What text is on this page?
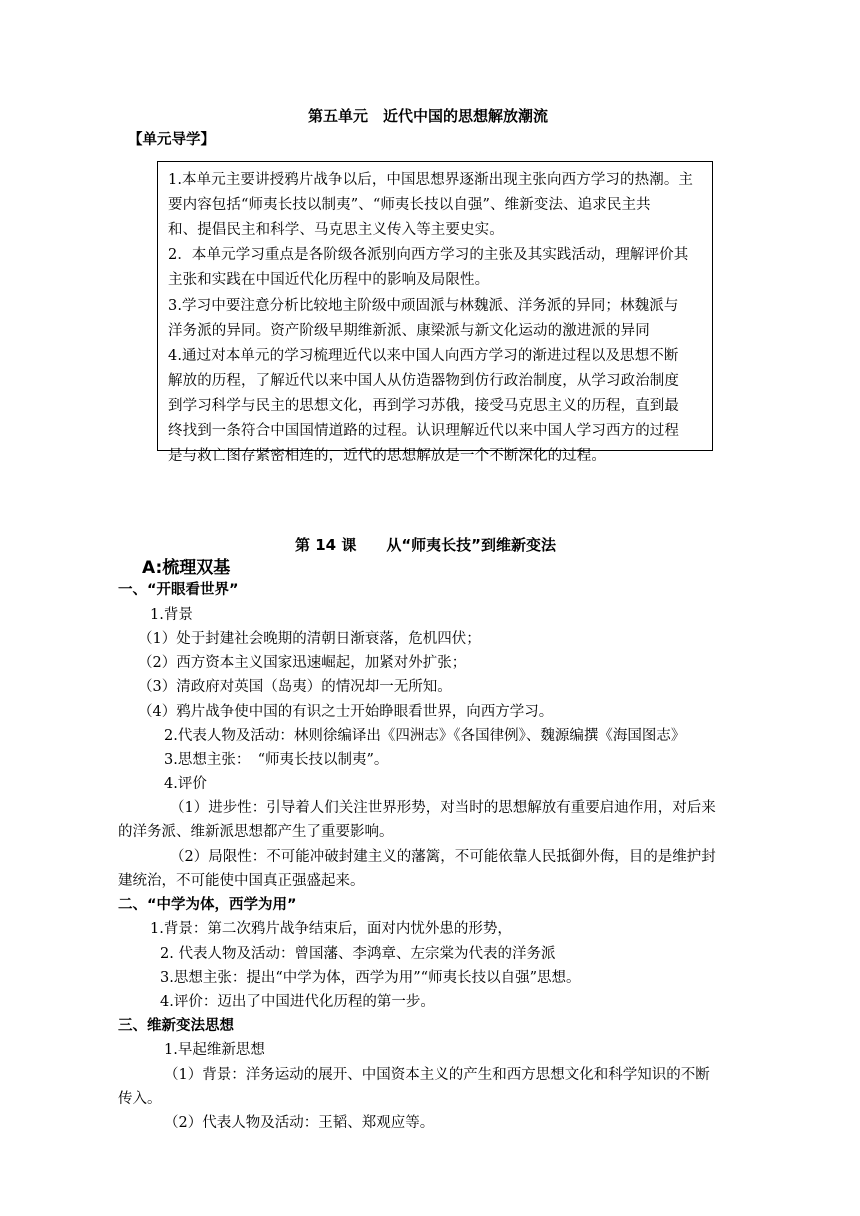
第五单元　近代中国的思想解放潮流
【单元导学】
1.本单元主要讲授鸦片战争以后，中国思想界逐渐出现主张向西方学习的热潮。主
要内容包括“师夷长技以制夷”、“师夷长技以自强”、维新变法、追求民主共
和、提倡民主和科学、马克思主义传入等主要史实。
2．本单元学习重点是各阶级各派别向西方学习的主张及其实践活动，理解评价其
主张和实践在中国近代化历程中的影响及局限性。
3.学习中要注意分析比较地主阶级中顽固派与林魏派、洋务派的异同；林魏派与
洋务派的异同。资产阶级早期维新派、康梁派与新文化运动的激进派的异同
4.通过对本单元的学习梳理近代以来中国人向西方学习的渐进过程以及思想不断
解放的历程，了解近代以来中国人从仿造器物到仿行政治制度，从学习政治制度
到学习科学与民主的思想文化，再到学习苏俄，接受马克思主义的历程，直到最
终找到一条符合中国国情道路的过程。认识理解近代以来中国人学习西方的过程
是与救亡图存紧密相连的，近代的思想解放是一个不断深化的过程。
第 14 课　　从“师夷长技”到维新变法
A:梳理双基
一、“开眼看世界”
1.背景
（1）处于封建社会晚期的清朝日渐衰落，危机四伏；
（2）西方资本主义国家迅速崛起，加紧对外扩张；
（3）清政府对英国（岛夷）的情况却一无所知。
（4）鸦片战争使中国的有识之士开始睁眼看世界，向西方学习。
2.代表人物及活动：林则徐编译出《四洲志》《各国律例》、魏源编撰《海国图志》
3.思想主张：　“师夷长技以制夷”。
4.评价
（1）进步性：引导着人们关注世界形势，对当时的思想解放有重要启迪作用，对后来
的洋务派、维新派思想都产生了重要影响。
（2）局限性：不可能冲破封建主义的藩篱，不可能依靠人民抵御外侮，目的是维护封
建统治，不可能使中国真正强盛起来。
二、“中学为体，西学为用”
1.背景：第二次鸦片战争结束后，面对内忧外患的形势，
2. 代表人物及活动：曾国藩、李鸿章、左宗棠为代表的洋务派
3.思想主张：提出“中学为体，西学为用”“师夷长技以自强”思想。
4.评价：迈出了中国进代化历程的第一步。
三、维新变法思想
1.早起维新思想
（1）背景：洋务运动的展开、中国资本主义的产生和西方思想文化和科学知识的不断
传入。
（2）代表人物及活动：王韬、郑观应等。
